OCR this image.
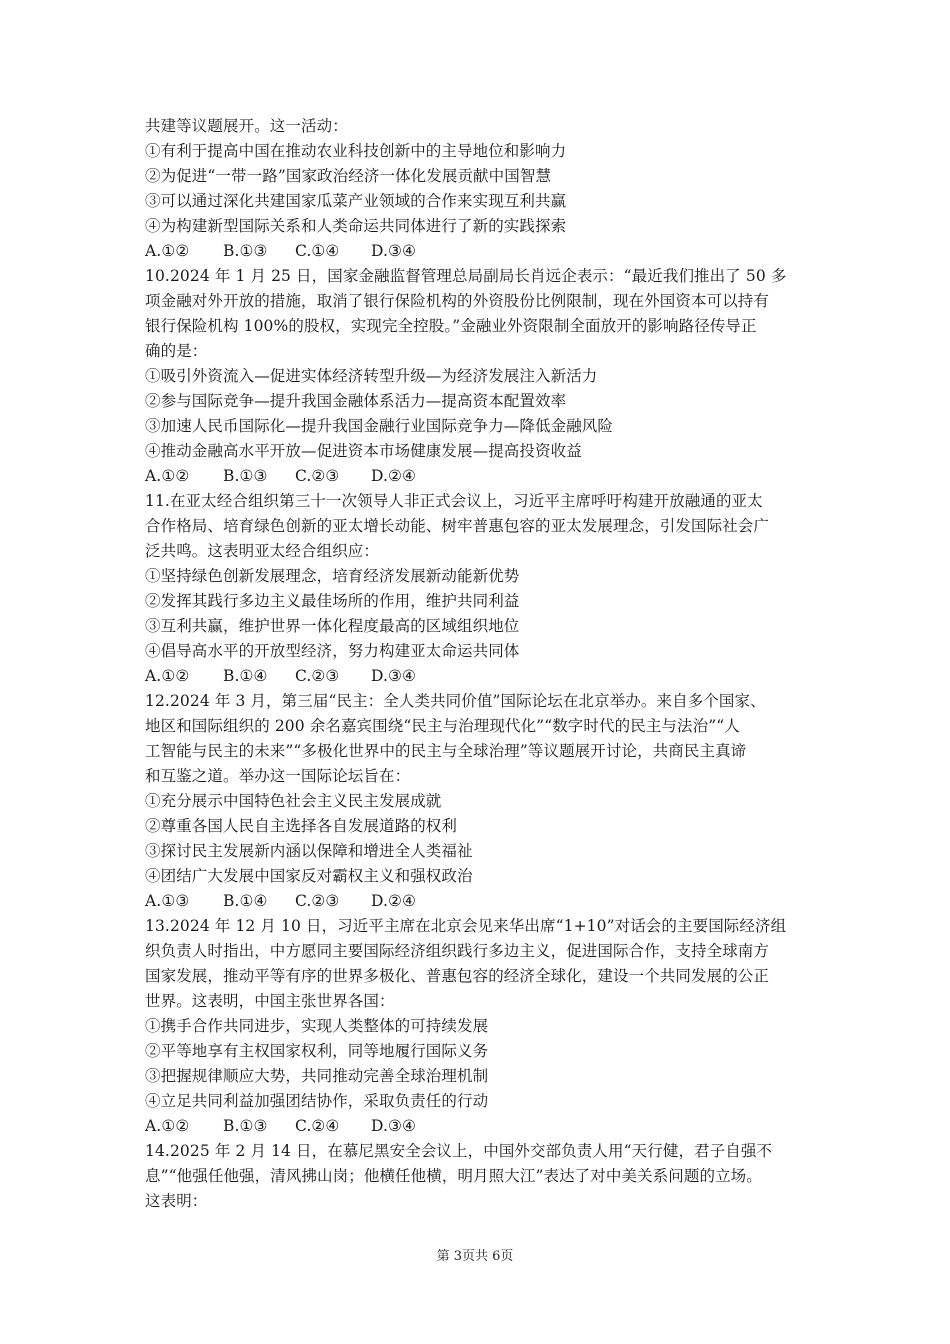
共建等议题展开。这一活动：
①有利于提高中国在推动农业科技创新中的主导地位和影响力
②为促进“一带一路”国家政治经济一体化发展贡献中国智慧
③可以通过深化共建国家瓜菜产业领域的合作来实现互利共赢
④为构建新型国际关系和人类命运共同体进行了新的实践探索
A.①②	B.①③	C.①④	D.③④
10.2024 年 1 月 25 日，国家金融监督管理总局副局长肖远企表示：“最近我们推出了 50 多
项金融对外开放的措施，取消了银行保险机构的外资股份比例限制，现在外国资本可以持有
银行保险机构 100%的股权，实现完全控股。”金融业外资限制全面放开的影响路径传导正
确的是：
①吸引外资流入—促进实体经济转型升级—为经济发展注入新活力
②参与国际竞争—提升我国金融体系活力—提高资本配置效率
③加速人民币国际化—提升我国金融行业国际竞争力—降低金融风险
④推动金融高水平开放—促进资本市场健康发展—提高投资收益
A.①②	B.①③	C.②③	D.②④
11.在亚太经合组织第三十一次领导人非正式会议上，习近平主席呼吁构建开放融通的亚太
合作格局、培育绿色创新的亚太增长动能、树牢普惠包容的亚太发展理念，引发国际社会广
泛共鸣。这表明亚太经合组织应：
①坚持绿色创新发展理念，培育经济发展新动能新优势
②发挥其践行多边主义最佳场所的作用，维护共同利益
③互利共赢，维护世界一体化程度最高的区域组织地位
④倡导高水平的开放型经济，努力构建亚太命运共同体
A.①②	B.①④	C.②③	D.③④
12.2024 年 3 月，第三届“民主：全人类共同价值”国际论坛在北京举办。来自多个国家、
地区和国际组织的 200 余名嘉宾围绕“民主与治理现代化”“数字时代的民主与法治”“人
工智能与民主的未来”“多极化世界中的民主与全球治理”等议题展开讨论，共商民主真谛
和互鉴之道。举办这一国际论坛旨在：
①充分展示中国特色社会主义民主发展成就
②尊重各国人民自主选择各自发展道路的权利
③探讨民主发展新内涵以保障和增进全人类福祉
④团结广大发展中国家反对霸权主义和强权政治
A.①③	B.①④	C.②③	D.②④
13.2024 年 12 月 10 日，习近平主席在北京会见来华出席“1+10”对话会的主要国际经济组
织负责人时指出，中方愿同主要国际经济组织践行多边主义，促进国际合作，支持全球南方
国家发展，推动平等有序的世界多极化、普惠包容的经济全球化，建设一个共同发展的公正
世界。这表明，中国主张世界各国：
①携手合作共同进步，实现人类整体的可持续发展
②平等地享有主权国家权利，同等地履行国际义务
③把握规律顺应大势，共同推动完善全球治理机制
④立足共同利益加强团结协作，采取负责任的行动
A.①②	B.①③	C.②④	D.③④
14.2025 年 2 月 14 日，在慕尼黑安全会议上，中国外交部负责人用“天行健，君子自强不
息”“他强任他强，清风拂山岗；他横任他横，明月照大江”表达了对中美关系问题的立场。
这表明：
第 3页共 6页
